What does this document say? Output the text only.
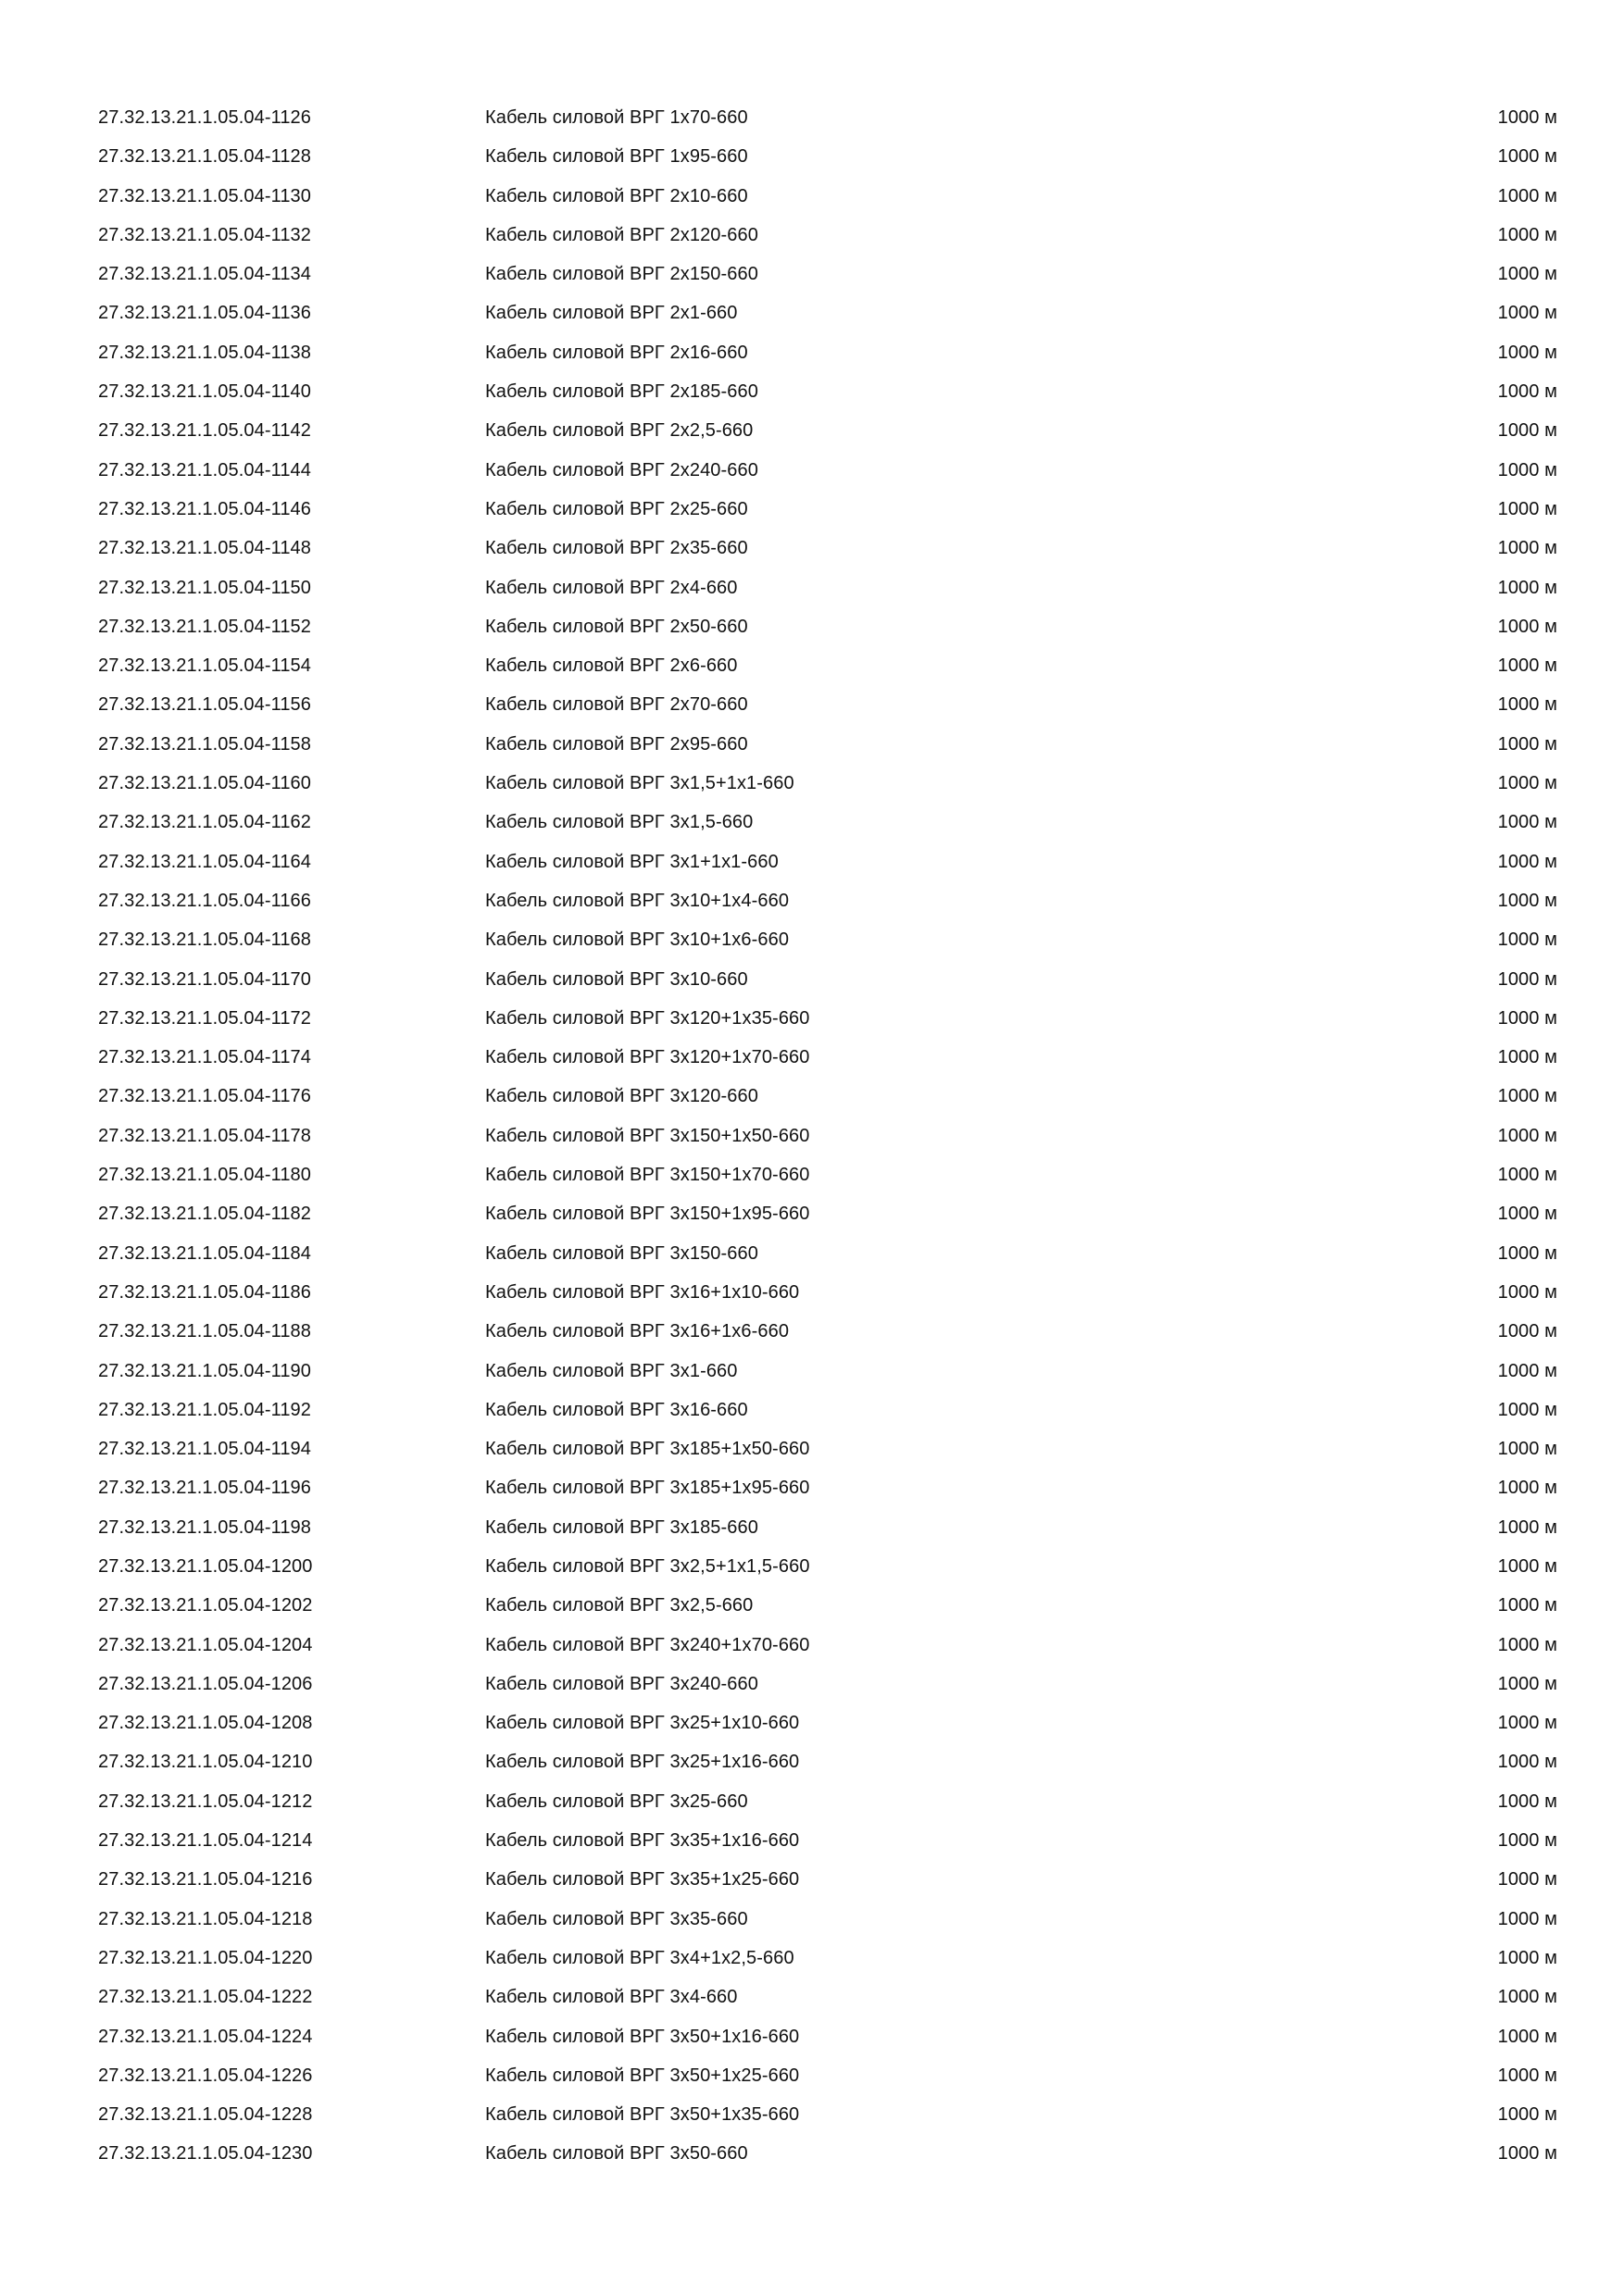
27.32.13.21.1.05.04-1126	Кабель силовой ВРГ 1х70-660	1000 м
27.32.13.21.1.05.04-1128	Кабель силовой ВРГ 1х95-660	1000 м
27.32.13.21.1.05.04-1130	Кабель силовой ВРГ 2х10-660	1000 м
27.32.13.21.1.05.04-1132	Кабель силовой ВРГ 2х120-660	1000 м
27.32.13.21.1.05.04-1134	Кабель силовой ВРГ 2х150-660	1000 м
27.32.13.21.1.05.04-1136	Кабель силовой ВРГ 2х1-660	1000 м
27.32.13.21.1.05.04-1138	Кабель силовой ВРГ 2х16-660	1000 м
27.32.13.21.1.05.04-1140	Кабель силовой ВРГ 2х185-660	1000 м
27.32.13.21.1.05.04-1142	Кабель силовой ВРГ 2х2,5-660	1000 м
27.32.13.21.1.05.04-1144	Кабель силовой ВРГ 2х240-660	1000 м
27.32.13.21.1.05.04-1146	Кабель силовой ВРГ 2х25-660	1000 м
27.32.13.21.1.05.04-1148	Кабель силовой ВРГ 2х35-660	1000 м
27.32.13.21.1.05.04-1150	Кабель силовой ВРГ 2х4-660	1000 м
27.32.13.21.1.05.04-1152	Кабель силовой ВРГ 2х50-660	1000 м
27.32.13.21.1.05.04-1154	Кабель силовой ВРГ 2х6-660	1000 м
27.32.13.21.1.05.04-1156	Кабель силовой ВРГ 2х70-660	1000 м
27.32.13.21.1.05.04-1158	Кабель силовой ВРГ 2х95-660	1000 м
27.32.13.21.1.05.04-1160	Кабель силовой ВРГ 3х1,5+1х1-660	1000 м
27.32.13.21.1.05.04-1162	Кабель силовой ВРГ 3х1,5-660	1000 м
27.32.13.21.1.05.04-1164	Кабель силовой ВРГ 3х1+1х1-660	1000 м
27.32.13.21.1.05.04-1166	Кабель силовой ВРГ 3х10+1х4-660	1000 м
27.32.13.21.1.05.04-1168	Кабель силовой ВРГ 3х10+1х6-660	1000 м
27.32.13.21.1.05.04-1170	Кабель силовой ВРГ 3х10-660	1000 м
27.32.13.21.1.05.04-1172	Кабель силовой ВРГ 3х120+1х35-660	1000 м
27.32.13.21.1.05.04-1174	Кабель силовой ВРГ 3х120+1х70-660	1000 м
27.32.13.21.1.05.04-1176	Кабель силовой ВРГ 3х120-660	1000 м
27.32.13.21.1.05.04-1178	Кабель силовой ВРГ 3х150+1х50-660	1000 м
27.32.13.21.1.05.04-1180	Кабель силовой ВРГ 3х150+1х70-660	1000 м
27.32.13.21.1.05.04-1182	Кабель силовой ВРГ 3х150+1х95-660	1000 м
27.32.13.21.1.05.04-1184	Кабель силовой ВРГ 3х150-660	1000 м
27.32.13.21.1.05.04-1186	Кабель силовой ВРГ 3х16+1х10-660	1000 м
27.32.13.21.1.05.04-1188	Кабель силовой ВРГ 3х16+1х6-660	1000 м
27.32.13.21.1.05.04-1190	Кабель силовой ВРГ 3х1-660	1000 м
27.32.13.21.1.05.04-1192	Кабель силовой ВРГ 3х16-660	1000 м
27.32.13.21.1.05.04-1194	Кабель силовой ВРГ 3х185+1х50-660	1000 м
27.32.13.21.1.05.04-1196	Кабель силовой ВРГ 3х185+1х95-660	1000 м
27.32.13.21.1.05.04-1198	Кабель силовой ВРГ 3х185-660	1000 м
27.32.13.21.1.05.04-1200	Кабель силовой ВРГ 3х2,5+1х1,5-660	1000 м
27.32.13.21.1.05.04-1202	Кабель силовой ВРГ 3х2,5-660	1000 м
27.32.13.21.1.05.04-1204	Кабель силовой ВРГ 3х240+1х70-660	1000 м
27.32.13.21.1.05.04-1206	Кабель силовой ВРГ 3х240-660	1000 м
27.32.13.21.1.05.04-1208	Кабель силовой ВРГ 3х25+1х10-660	1000 м
27.32.13.21.1.05.04-1210	Кабель силовой ВРГ 3х25+1х16-660	1000 м
27.32.13.21.1.05.04-1212	Кабель силовой ВРГ 3х25-660	1000 м
27.32.13.21.1.05.04-1214	Кабель силовой ВРГ 3х35+1х16-660	1000 м
27.32.13.21.1.05.04-1216	Кабель силовой ВРГ 3х35+1х25-660	1000 м
27.32.13.21.1.05.04-1218	Кабель силовой ВРГ 3х35-660	1000 м
27.32.13.21.1.05.04-1220	Кабель силовой ВРГ 3х4+1х2,5-660	1000 м
27.32.13.21.1.05.04-1222	Кабель силовой ВРГ 3х4-660	1000 м
27.32.13.21.1.05.04-1224	Кабель силовой ВРГ 3х50+1х16-660	1000 м
27.32.13.21.1.05.04-1226	Кабель силовой ВРГ 3х50+1х25-660	1000 м
27.32.13.21.1.05.04-1228	Кабель силовой ВРГ 3х50+1х35-660	1000 м
27.32.13.21.1.05.04-1230	Кабель силовой ВРГ 3х50-660	1000 м
